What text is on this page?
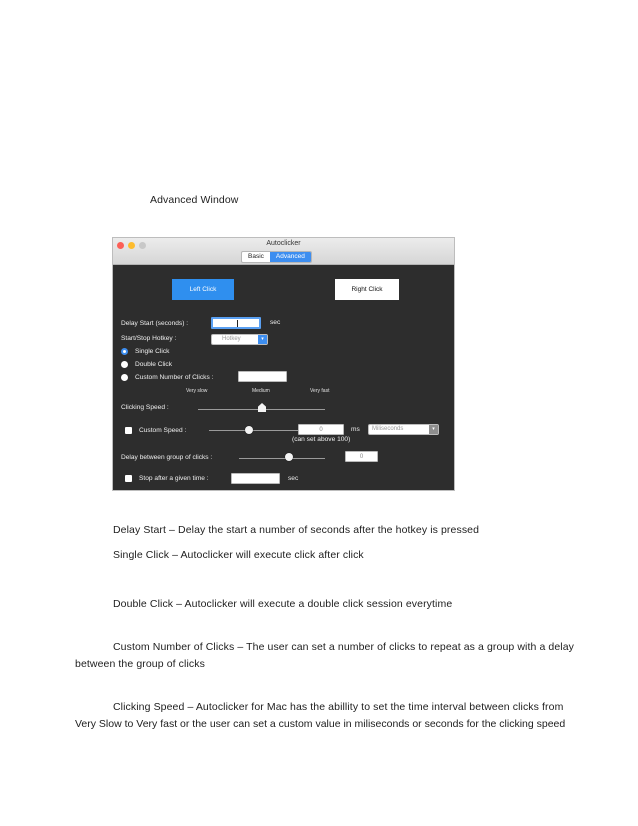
Advanced Window
Autoclicker
Basic	Advanced
Left Click	Right Click
Delay Start (seconds) :	sec
Start/Stop Hotkey :	Hotkey	▾
Single Click
Double Click
Custom Number of Clicks :
Very slow	Medium	Very fast
Clicking Speed :
Custom Speed :	0	ms Miliseconds	▾
(can set above 100)
Delay between group of clicks :	0
Stop after a given time :	sec
Delay Start – Delay the start a number of seconds after the hotkey is pressed
Single Click – Autoclicker will execute click after click
Double Click – Autoclicker will execute a double click session everytime
Custom Number of Clicks – The user can set a number of clicks to repeat as a group with a delay
between the group of clicks
Clicking Speed – Autoclicker for Mac has the abillity to set the time interval between clicks from
Very Slow to Very fast or the user can set a custom value in miliseconds or seconds for the clicking speed
